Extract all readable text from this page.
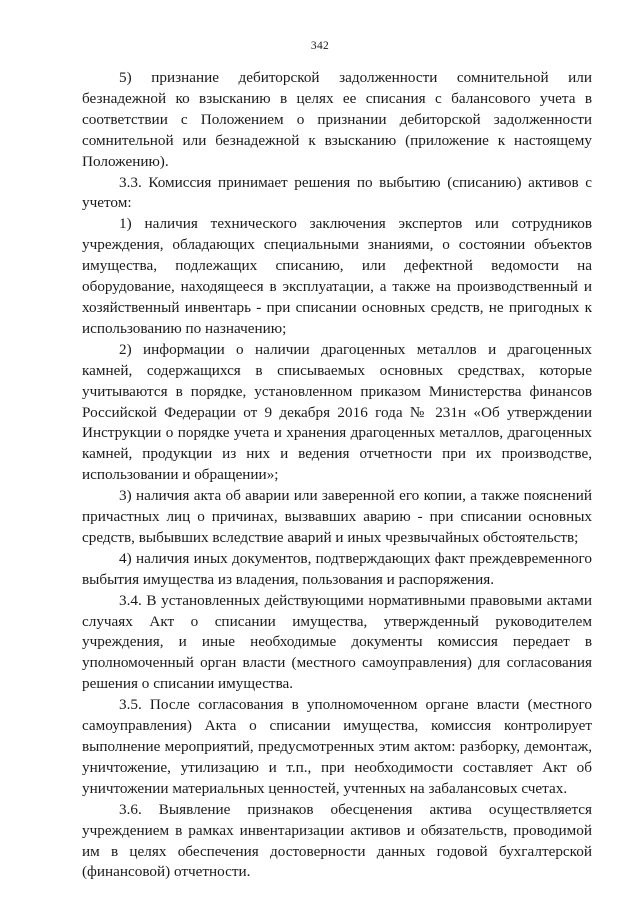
342

5) признание дебиторской задолженности сомнительной или безнадежной ко взысканию в целях ее списания с балансового учета в соответствии с Положением о признании дебиторской задолженности сомнительной или безнадежной к взысканию (приложение к настоящему Положению).

3.3. Комиссия принимает решения по выбытию (списанию) активов с учетом:

1) наличия технического заключения экспертов или сотрудников учреждения, обладающих специальными знаниями, о состоянии объектов имущества, подлежащих списанию, или дефектной ведомости на оборудование, находящееся в эксплуатации, а также на производственный и хозяйственный инвентарь - при списании основных средств, не пригодных к использованию по назначению;

2) информации о наличии драгоценных металлов и драгоценных камней, содержащихся в списываемых основных средствах, которые учитываются в порядке, установленном приказом Министерства финансов Российской Федерации от 9 декабря 2016 года № 231н «Об утверждении Инструкции о порядке учета и хранения драгоценных металлов, драгоценных камней, продукции из них и ведения отчетности при их производстве, использовании и обращении»;

3) наличия акта об аварии или заверенной его копии, а также пояснений причастных лиц о причинах, вызвавших аварию - при списании основных средств, выбывших вследствие аварий и иных чрезвычайных обстоятельств;

4) наличия иных документов, подтверждающих факт преждевременного выбытия имущества из владения, пользования и распоряжения.

3.4. В установленных действующими нормативными правовыми актами случаях Акт о списании имущества, утвержденный руководителем учреждения, и иные необходимые документы комиссия передает в уполномоченный орган власти (местного самоуправления) для согласования решения о списании имущества.

3.5. После согласования в уполномоченном органе власти (местного самоуправления) Акта о списании имущества, комиссия контролирует выполнение мероприятий, предусмотренных этим актом: разборку, демонтаж, уничтожение, утилизацию и т.п., при необходимости составляет Акт об уничтожении материальных ценностей, учтенных на забалансовых счетах.

3.6. Выявление признаков обесценения актива осуществляется учреждением в рамках инвентаризации активов и обязательств, проводимой им в целях обеспечения достоверности данных годовой бухгалтерской (финансовой) отчетности.
